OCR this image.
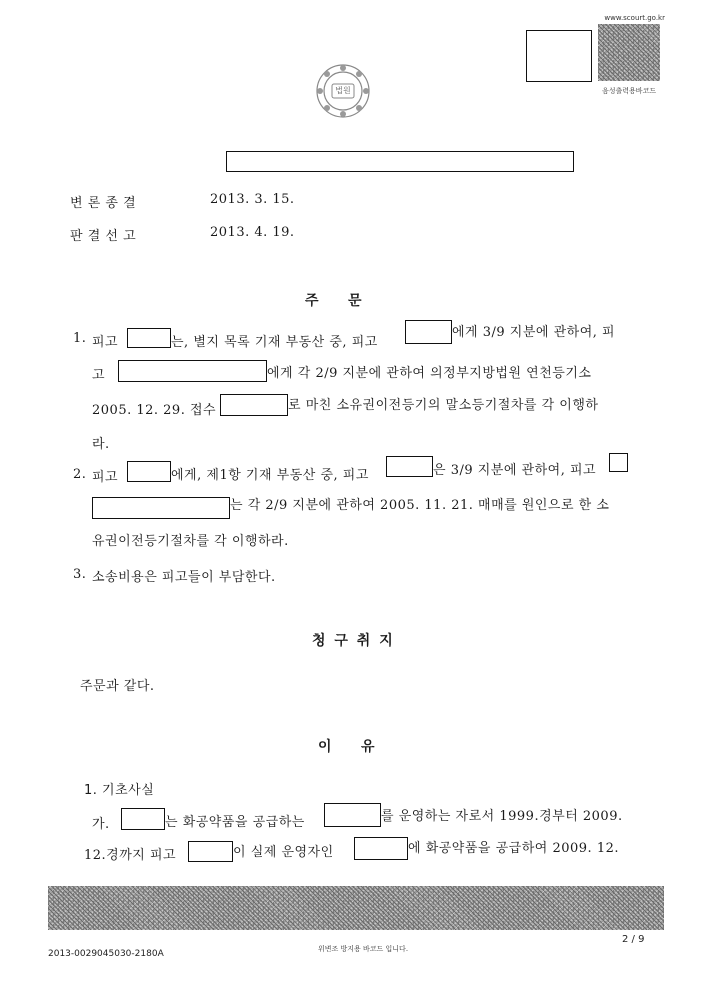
www.scourt.go.kr
음성출력용바코드
법원
변 론 종 결	2013. 3. 15.
판 결 선 고	2013. 4. 19.
주    문
1. 피고	는, 별지 목록 기재 부동산 중, 피고
에게 3/9 지분에 관하여, 피
고	에게 각 2/9 지분에 관하여 의정부지방법원 연천등기소
2005. 12. 29. 접수	로 마친 소유권이전등기의 말소등기절차를 각 이행하
라.
2. 피고	에게, 제1항 기재 부동산 중, 피고	은 3/9 지분에 관하여, 피고
는 각 2/9 지분에 관하여 2005. 11. 21. 매매를 원인으로 한 소
유권이전등기절차를 각 이행하라.
3. 소송비용은 피고들이 부담한다.
청 구 취 지
주문과 같다.
이    유
1. 기초사실
가.	는 화공약품을 공급하는	를 운영하는 자로서 1999.경부터 2009.
12.경까지 피고	이 실제 운영자인	에 화공약품을 공급하여 2009. 12.
위변조 방지용 바코드 입니다.
2013-0029045030-2180A
2 / 9
